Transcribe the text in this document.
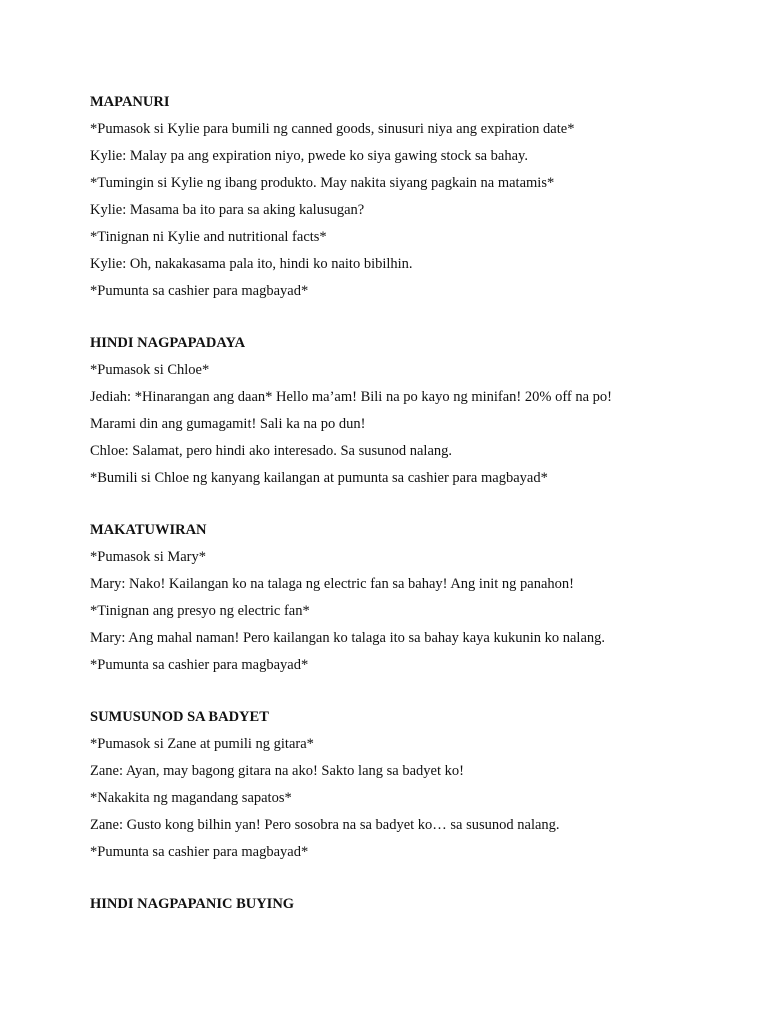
MAPANURI
*Pumasok si Kylie para bumili ng canned goods, sinusuri niya ang expiration date*
Kylie: Malay pa ang expiration niyo, pwede ko siya gawing stock sa bahay.
*Tumingin si Kylie ng ibang produkto. May nakita siyang pagkain na matamis*
Kylie: Masama ba ito para sa aking kalusugan?
*Tinignan ni Kylie and nutritional facts*
Kylie: Oh, nakakasama pala ito, hindi ko naito bibilhin.
*Pumunta sa cashier para magbayad*
HINDI NAGPAPADAYA
*Pumasok si Chloe*
Jediah: *Hinarangan ang daan* Hello ma’am! Bili na po kayo ng minifan! 20% off na po!
Marami din ang gumagamit! Sali ka na po dun!
Chloe: Salamat, pero hindi ako interesado. Sa susunod nalang.
*Bumili si Chloe ng kanyang kailangan at pumunta sa cashier para magbayad*
MAKATUWIRAN
*Pumasok si Mary*
Mary: Nako! Kailangan ko na talaga ng electric fan sa bahay! Ang init ng panahon!
*Tinignan ang presyo ng electric fan*
Mary: Ang mahal naman! Pero kailangan ko talaga ito sa bahay kaya kukunin ko nalang.
*Pumunta sa cashier para magbayad*
SUMUSUNOD SA BADYET
*Pumasok si Zane at pumili ng gitara*
Zane: Ayan, may bagong gitara na ako! Sakto lang sa badyet ko!
*Nakakita ng magandang sapatos*
Zane: Gusto kong bilhin yan! Pero sosobra na sa badyet ko… sa susunod nalang.
*Pumunta sa cashier para magbayad*
HINDI NAGPAPANIC BUYING
